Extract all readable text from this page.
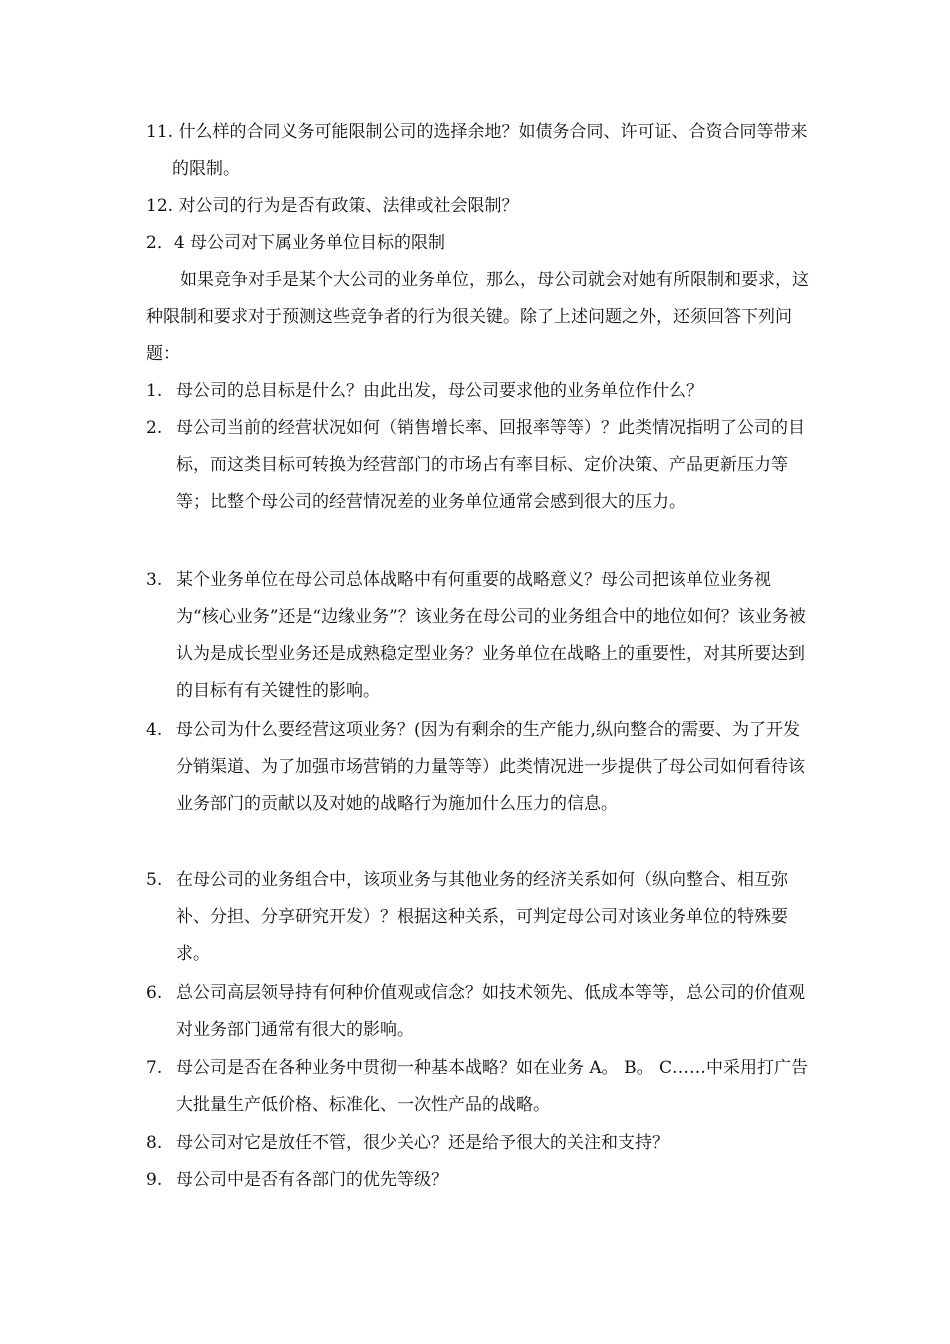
11. 什么样的合同义务可能限制公司的选择余地？如债务合同、许可证、合资合同等带来的限制。

12. 对公司的行为是否有政策、法律或社会限制？

2．4 母公司对下属业务单位目标的限制

如果竞争对手是某个大公司的业务单位，那么，母公司就会对她有所限制和要求，这种限制和要求对于预测这些竞争者的行为很关键。除了上述问题之外，还须回答下列问题：

1. 母公司的总目标是什么？由此出发，母公司要求他的业务单位作什么？

2. 母公司当前的经营状况如何（销售增长率、回报率等等）？此类情况指明了公司的目标，而这类目标可转换为经营部门的市场占有率目标、定价决策、产品更新压力等等；比整个母公司的经营情况差的业务单位通常会感到很大的压力。

3. 某个业务单位在母公司总体战略中有何重要的战略意义？母公司把该单位业务视为“核心业务”还是“边缘业务”？该业务在母公司的业务组合中的地位如何？该业务被认为是成长型业务还是成熟稳定型业务？业务单位在战略上的重要性，对其所要达到的目标有有关键性的影响。

4. 母公司为什么要经营这项业务？(因为有剩余的生产能力,纵向整合的需要、为了开发分销渠道、为了加强市场营销的力量等等）此类情况进一步提供了母公司如何看待该业务部门的贡献以及对她的战略行为施加什么压力的信息。

5. 在母公司的业务组合中，该项业务与其他业务的经济关系如何（纵向整合、相互弥补、分担、分享研究开发）？根据这种关系，可判定母公司对该业务单位的特殊要求。

6. 总公司高层领导持有何种价值观或信念？如技术领先、低成本等等，总公司的价值观对业务部门通常有很大的影响。

7. 母公司是否在各种业务中贯彻一种基本战略？如在业务 A。 B。 C……中采用打广告大批量生产低价格、标准化、一次性产品的战略。

8. 母公司对它是放任不管，很少关心？还是给予很大的关注和支持？

9. 母公司中是否有各部门的优先等级？
